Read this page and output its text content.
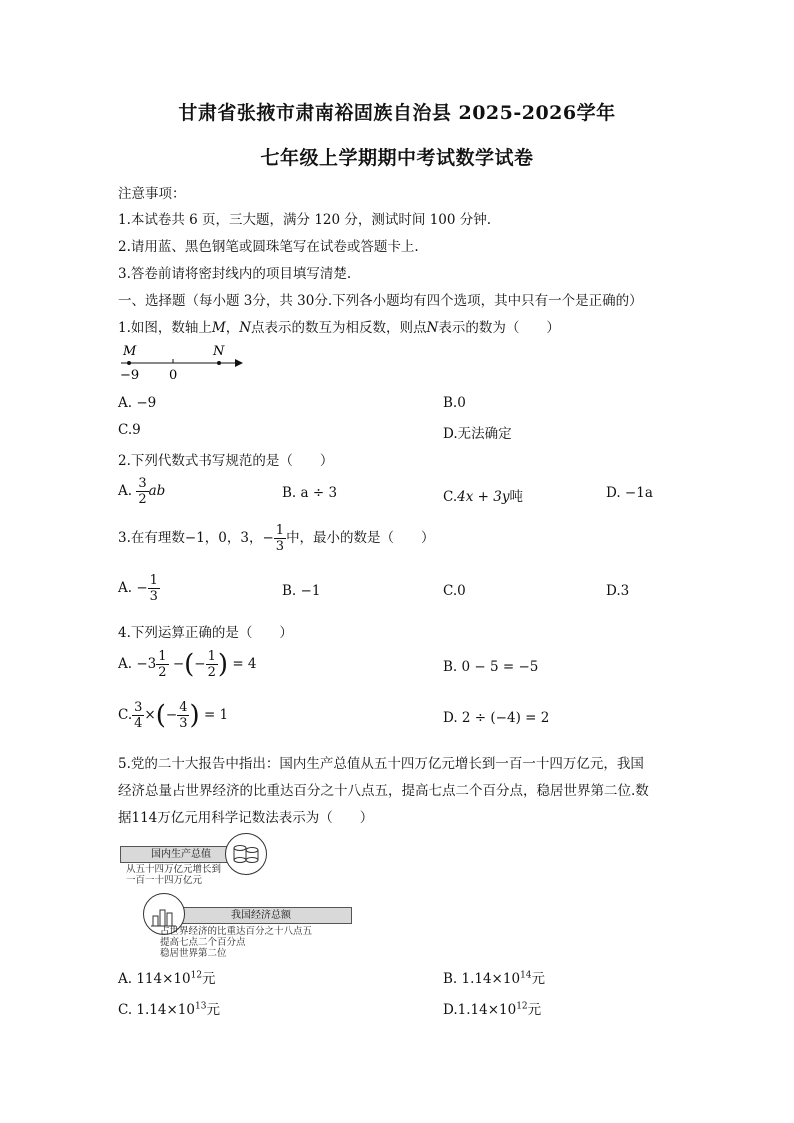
甘肃省张掖市肃南裕固族自治县 2025-2026学年
七年级上学期期中考试数学试卷
注意事项：
1.本试卷共 6 页，三大题，满分 120 分，测试时间 100 分钟.
2.请用蓝、黑色钢笔或圆珠笔写在试卷或答题卡上.
3.答卷前请将密封线内的项目填写清楚.
一、选择题（每小题 3分，共 30分.下列各小题均有四个选项，其中只有一个是正确的）
1.如图，数轴上M，N点表示的数互为相反数，则点N表示的数为（　　）
M	N
−9 0
A. −9	B.0
C.9	D.无法确定
2.下列代数式书写规范的是（　　）
A. $\frac{3}{2}$ ab	B. a ÷ 3	C.4x + 3y吨	D. −1a
3.在有理数−1，0，3，− $\frac{1}{3}$ 中，最小的数是（　　）
A. − $\frac{1}{3}$	B. −1	C.0	D.3
4.下列运算正确的是（　　）
A. $-3 \frac{1}{2}$ −(− $\frac{1}{2}$ ) = 4	B. 0 − 5 = −5
C. $\frac{3}{4}$ ×(− $\frac{4}{3}$ ) = 1	D. 2 ÷ (−4) = 2
5.党的二十大报告中指出：国内生产总值从五十四万亿元增长到一百一十四万亿元，我国
经济总量占世界经济的比重达百分之十八点五，提高七点二个百分点，稳居世界第二位.数
据114万亿元用科学记数法表示为（　　）
国内生产总值
从五十四万亿元增长到
一百一十四万亿元
我国经济总额
占世界经济的比重达百分之十八点五
提高七点二个百分点
稳居世界第二位
A. $114\times 10^{12}$元	B. $1.14\times 10^{14}$元
C. $1.14\times 10^{13}$元	$D.1.14\times 10^{12}$元
